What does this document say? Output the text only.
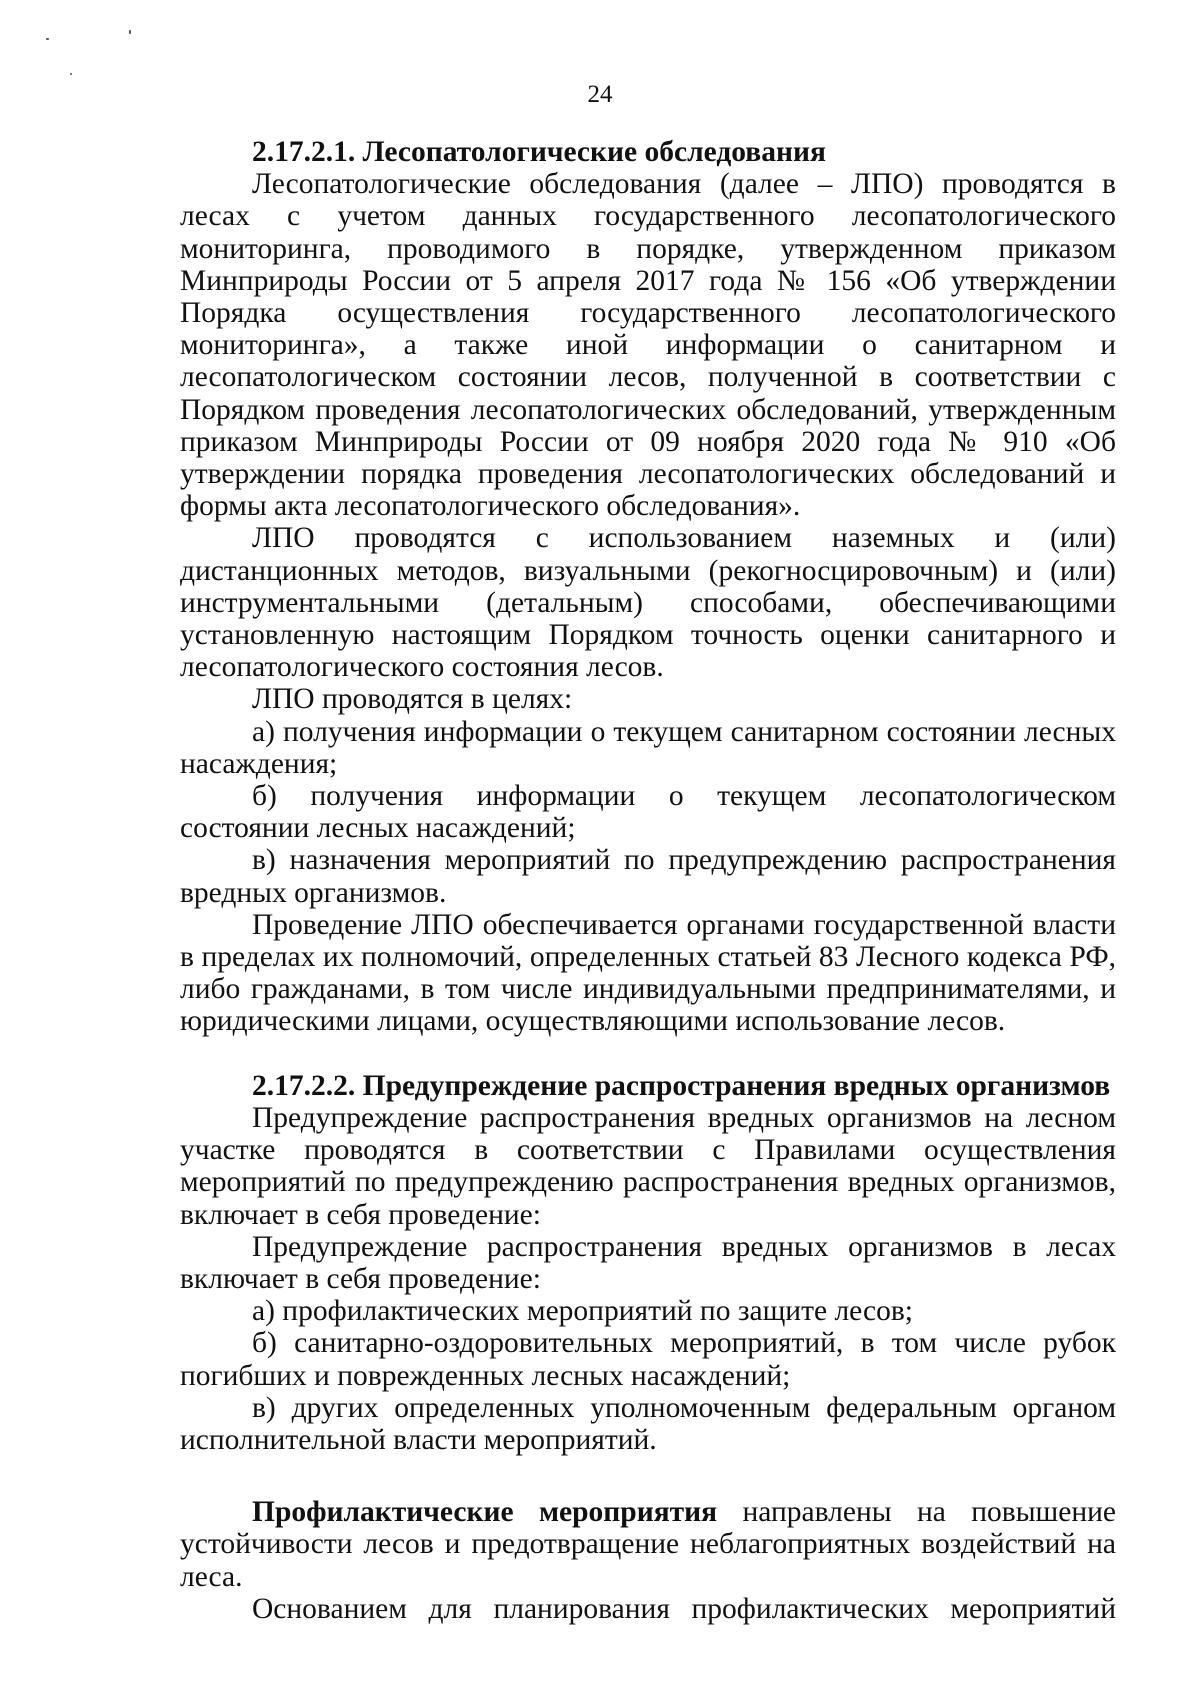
24
2.17.2.1. Лесопатологические обследования

Лесопатологические обследования (далее – ЛПО) проводятся в лесах с учетом данных государственного лесопатологического мониторинга, проводимого в порядке, утвержденном приказом Минприроды России от 5 апреля 2017 года № 156 «Об утверждении Порядка осуществления государственного лесопатологического мониторинга», а также иной информации о санитарном и лесопатологическом состоянии лесов, полученной в соответствии с Порядком проведения лесопатологических обследований, утвержденным приказом Минприроды России от 09 ноября 2020 года № 910 «Об утверждении порядка проведения лесопатологических обследований и формы акта лесопатологического обследования».

ЛПО проводятся с использованием наземных и (или) дистанционных методов, визуальными (рекогносцировочным) и (или) инструментальными (детальным) способами, обеспечивающими установленную настоящим Порядком точность оценки санитарного и лесопатологического состояния лесов.

ЛПО проводятся в целях:

а) получения информации о текущем санитарном состоянии лесных насаждения;

б) получения информации о текущем лесопатологическом состоянии лесных насаждений;

в) назначения мероприятий по предупреждению распространения вредных организмов.

Проведение ЛПО обеспечивается органами государственной власти в пределах их полномочий, определенных статьей 83 Лесного кодекса РФ, либо гражданами, в том числе индивидуальными предпринимателями, и юридическими лицами, осуществляющими использование лесов.

2.17.2.2. Предупреждение распространения вредных организмов

Предупреждение распространения вредных организмов на лесном участке проводятся в соответствии с Правилами осуществления мероприятий по предупреждению распространения вредных организмов, включает в себя проведение:

Предупреждение распространения вредных организмов в лесах включает в себя проведение:

а) профилактических мероприятий по защите лесов;

б) санитарно-оздоровительных мероприятий, в том числе рубок погибших и поврежденных лесных насаждений;

в) других определенных уполномоченным федеральным органом исполнительной власти мероприятий.

Профилактические мероприятия направлены на повышение устойчивости лесов и предотвращение неблагоприятных воздействий на леса.

Основанием для планирования профилактических мероприятий
